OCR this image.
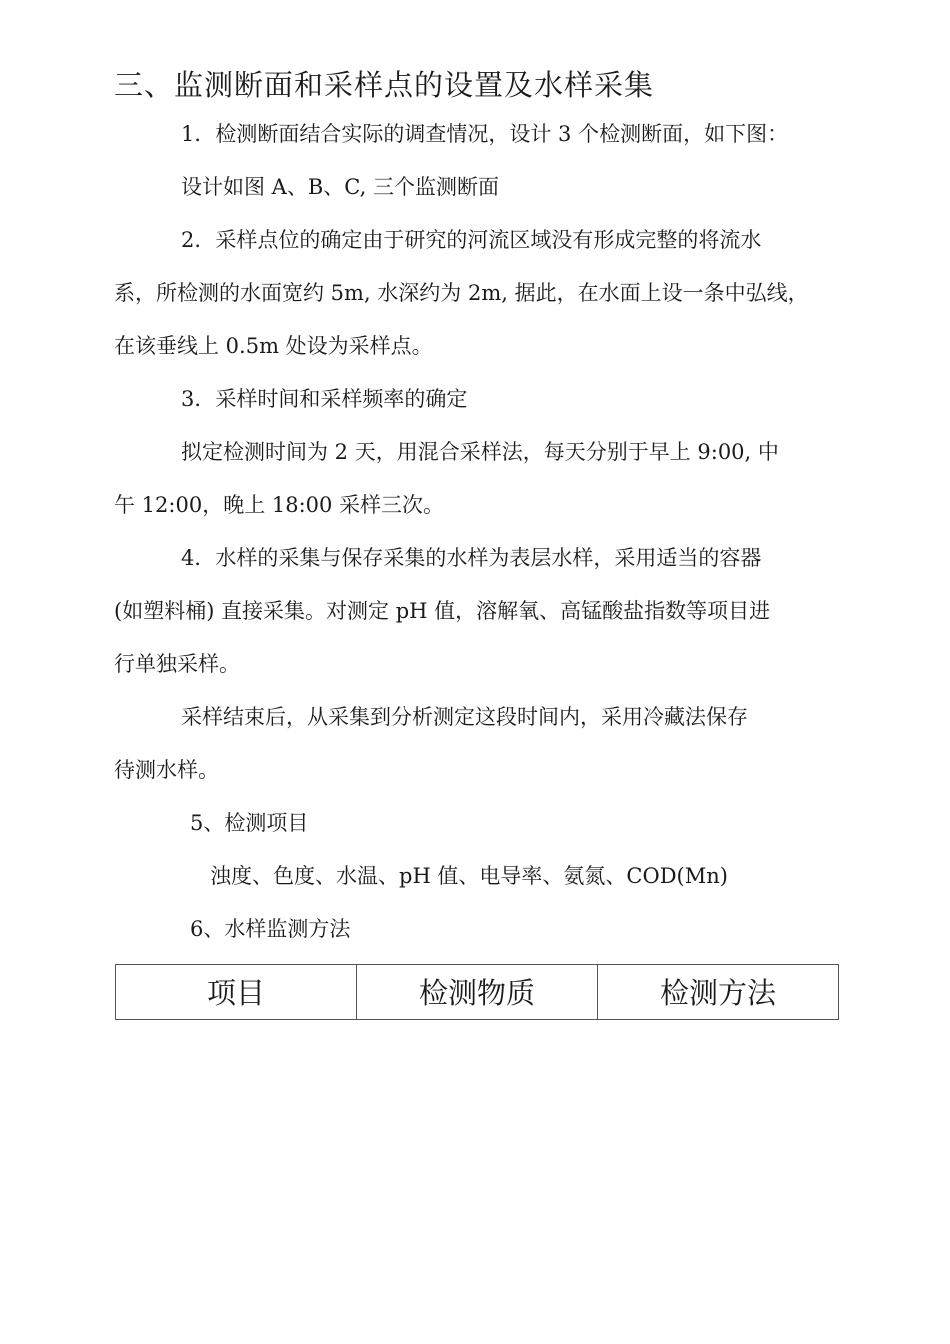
三、监测断面和采样点的设置及水样采集
1．检测断面结合实际的调查情况，设计 3 个检测断面，如下图：
设计如图 A、B、C, 三个监测断面
2．采样点位的确定由于研究的河流区域没有形成完整的将流水
系，所检测的水面宽约 5m, 水深约为 2m, 据此，在水面上设一条中弘线，
在该垂线上 0.5m 处设为采样点。
3．采样时间和采样频率的确定
拟定检测时间为 2 天，用混合采样法，每天分别于早上 9:00, 中
午 12:00，晚上 18:00 采样三次。
4．水样的采集与保存采集的水样为表层水样，采用适当的容器
(如塑料桶) 直接采集。对测定 pH 值，溶解氧、高锰酸盐指数等项目进
行单独采样。
采样结束后，从采集到分析测定这段时间内，采用冷藏法保存
待测水样。
5、检测项目
浊度、色度、水温、pH 值、电导率、氨氮、COD(Mn)
6、水样监测方法
项目	检测物质	检测方法
